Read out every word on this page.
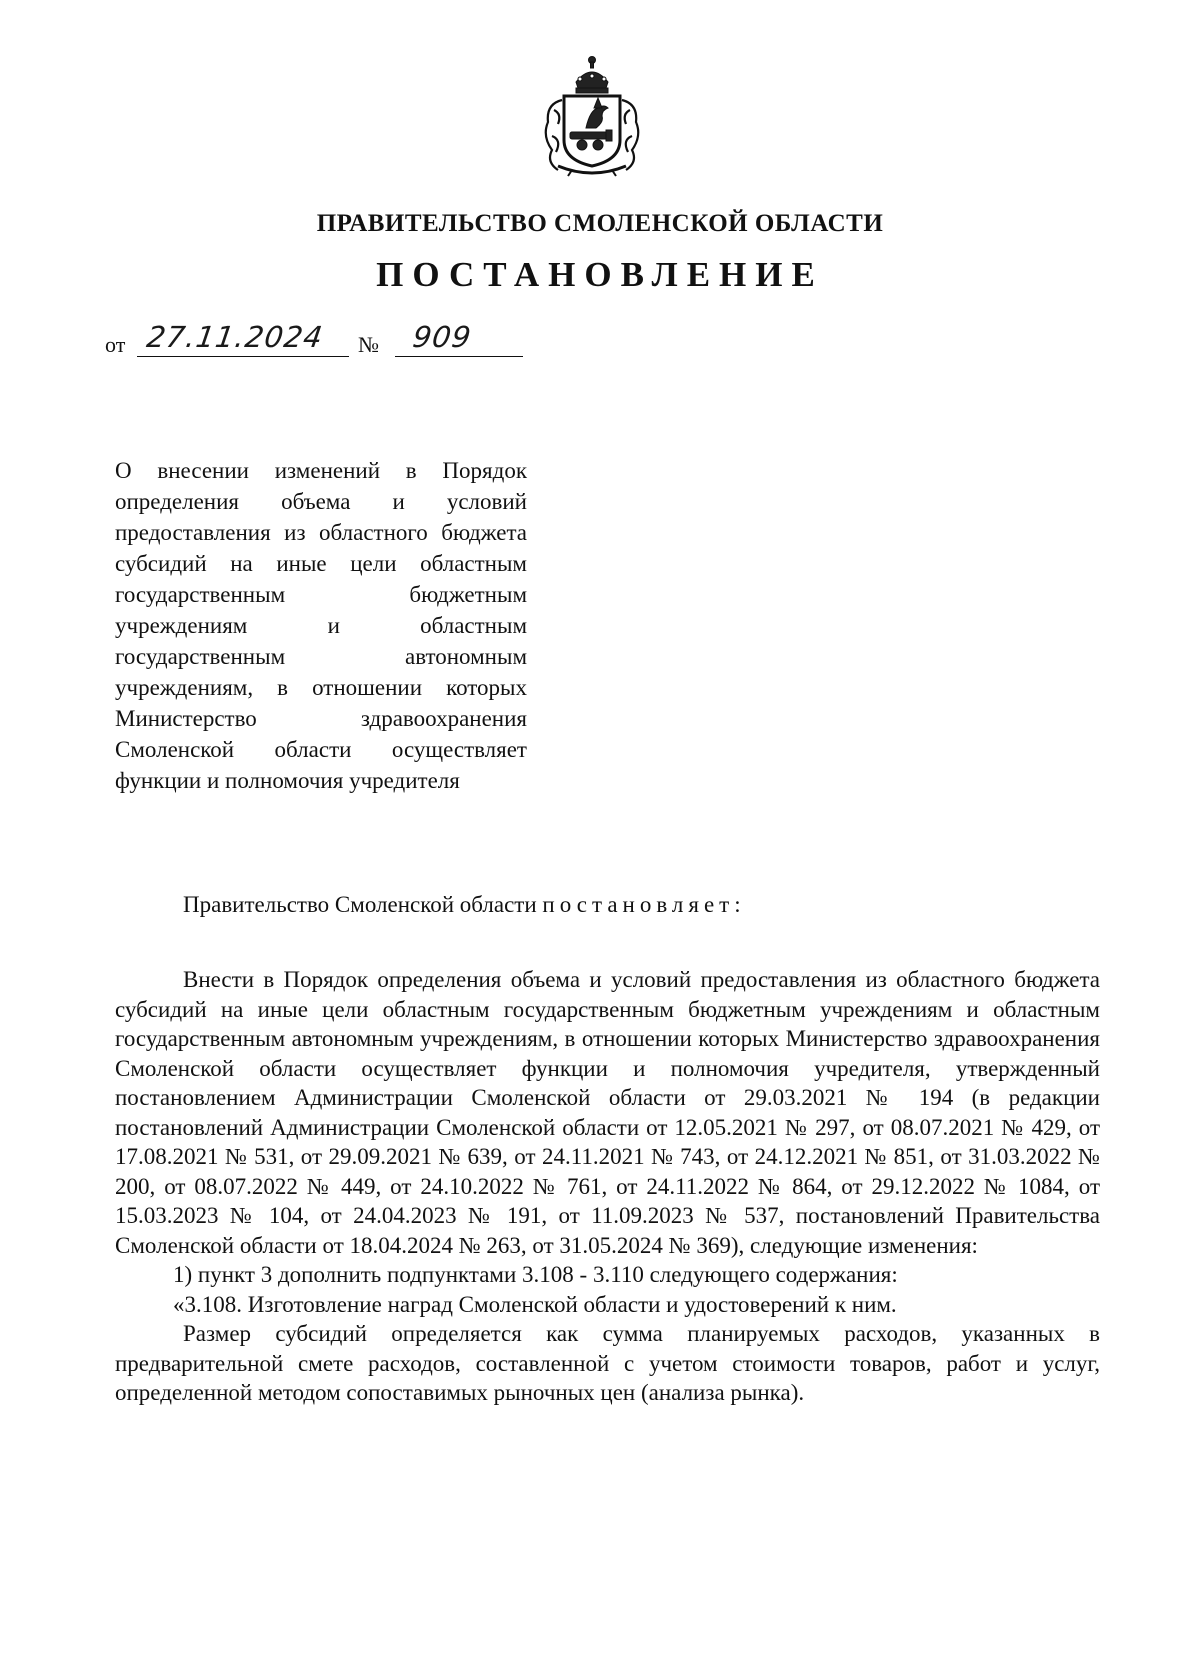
ПРАВИТЕЛЬСТВО СМОЛЕНСКОЙ ОБЛАСТИ
ПОСТАНОВЛЕНИЕ
от 27.11.2024 № 909
О внесении изменений в Порядок определения объема и условий предоставления из областного бюджета субсидий на иные цели областным государственным бюджетным учреждениям и областным государственным автономным учреждениям, в отношении которых Министерство здравоохранения Смоленской области осуществляет функции и полномочия учредителя
Правительство Смоленской области постановляет:

Внести в Порядок определения объема и условий предоставления из областного бюджета субсидий на иные цели областным государственным бюджетным учреждениям и областным государственным автономным учреждениям, в отношении которых Министерство здравоохранения Смоленской области осуществляет функции и полномочия учредителя, утвержденный постановлением Администрации Смоленской области от 29.03.2021 № 194 (в редакции постановлений Администрации Смоленской области от 12.05.2021 № 297, от 08.07.2021 № 429, от 17.08.2021 № 531, от 29.09.2021 № 639, от 24.11.2021 № 743, от 24.12.2021 № 851, от 31.03.2022 № 200, от 08.07.2022 № 449, от 24.10.2022 № 761, от 24.11.2022 № 864, от 29.12.2022 № 1084, от 15.03.2023 № 104, от 24.04.2023 № 191, от 11.09.2023 № 537, постановлений Правительства Смоленской области от 18.04.2024 № 263, от 31.05.2024 № 369), следующие изменения:

1) пункт 3 дополнить подпунктами 3.108 - 3.110 следующего содержания:

«3.108. Изготовление наград Смоленской области и удостоверений к ним.

Размер субсидий определяется как сумма планируемых расходов, указанных в предварительной смете расходов, составленной с учетом стоимости товаров, работ и услуг, определенной методом сопоставимых рыночных цен (анализа рынка).
